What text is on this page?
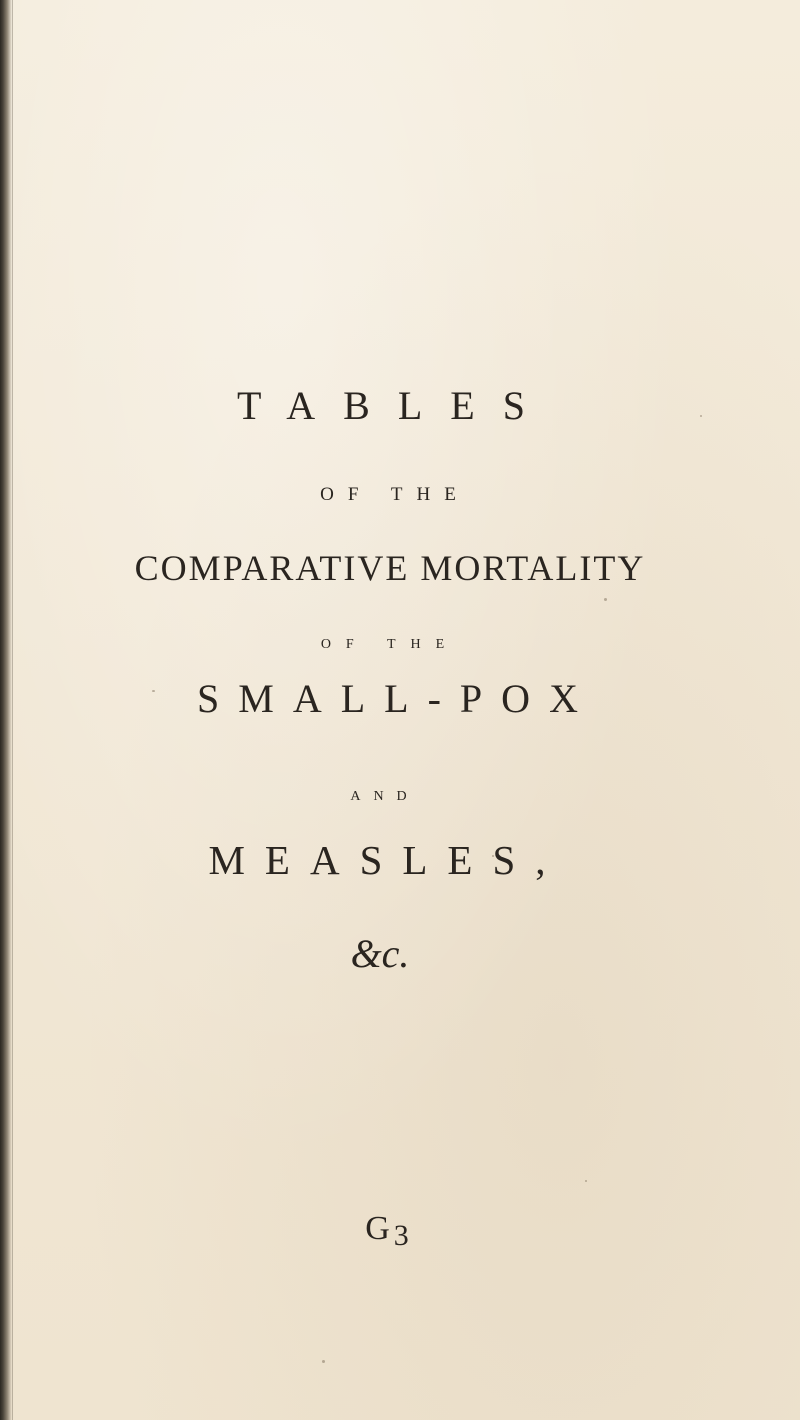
TABLES
OF THE
COMPARATIVE MORTALITY
OF THE
SMALL-POX
AND
MEASLES,
&c.
G 3
